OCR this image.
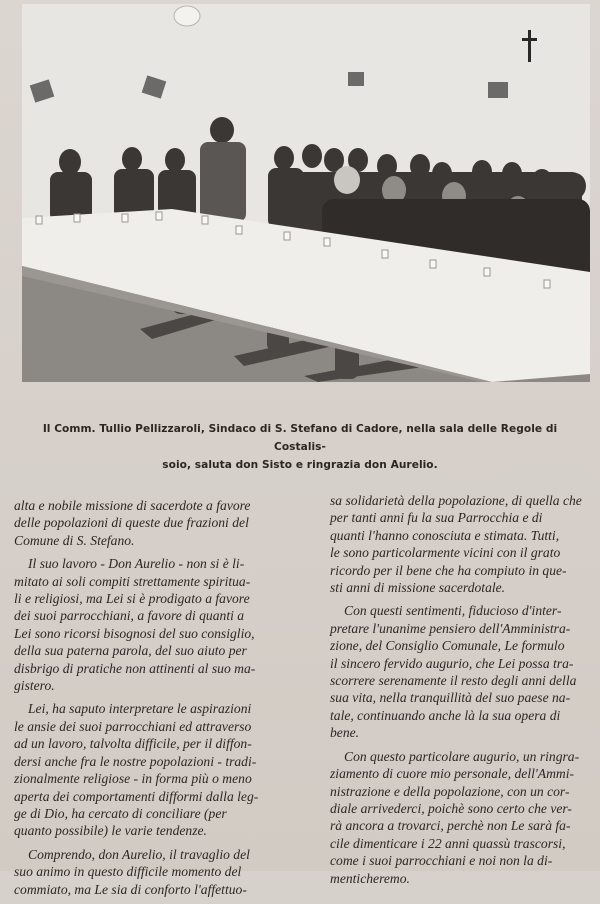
Il Comm. Tullio Pellizzaroli, Sindaco di S. Stefano di Cadore, nella sala delle Regole di Costalis-
soio, saluta don Sisto e ringrazia don Aurelio.
alta e nobile missione di sacerdote a favore
delle popolazioni di queste due frazioni del
Comune di S. Stefano.
Il suo lavoro - Don Aurelio - non si è li-
mitato ai soli compiti strettamente spiritua-
li e religiosi, ma Lei si è prodigato a favore
dei suoi parrocchiani, a favore di quanti a
Lei sono ricorsi bisognosi del suo consiglio,
della sua paterna parola, del suo aiuto per
disbrigo di pratiche non attinenti al suo ma-
gistero.
Lei, ha saputo interpretare le aspirazioni
le ansie dei suoi parrocchiani ed attraverso
ad un lavoro, talvolta difficile, per il diffon-
dersi anche fra le nostre popolazioni - tradi-
zionalmente religiose - in forma più o meno
aperta dei comportamenti difformi dalla leg-
ge di Dio, ha cercato di conciliare (per
quanto possibile) le varie tendenze.
Comprendo, don Aurelio, il travaglio del
suo animo in questo difficile momento del
commiato, ma Le sia di conforto l'affettuo-
sa solidarietà della popolazione, di quella che
per tanti anni fu la sua Parrocchia e di
quanti l'hanno conosciuta e stimata. Tutti,
le sono particolarmente vicini con il grato
ricordo per il bene che ha compiuto in que-
sti anni di missione sacerdotale.
Con questi sentimenti, fiducioso d'inter-
pretare l'unanime pensiero dell'Amministra-
zione, del Consiglio Comunale, Le formulo
il sincero fervido augurio, che Lei possa tra-
scorrere serenamente il resto degli anni della
sua vita, nella tranquillità del suo paese na-
tale, continuando anche là la sua opera di
bene.
Con questo particolare augurio, un ringra-
ziamento di cuore mio personale, dell'Ammi-
nistrazione e della popolazione, con un cor-
diale arrivederci, poichè sono certo che ver-
rà ancora a trovarci, perchè non Le sarà fa-
cile dimenticare i 22 anni quassù trascorsi,
come i suoi parrocchiani e noi non la di-
menticheremo.
